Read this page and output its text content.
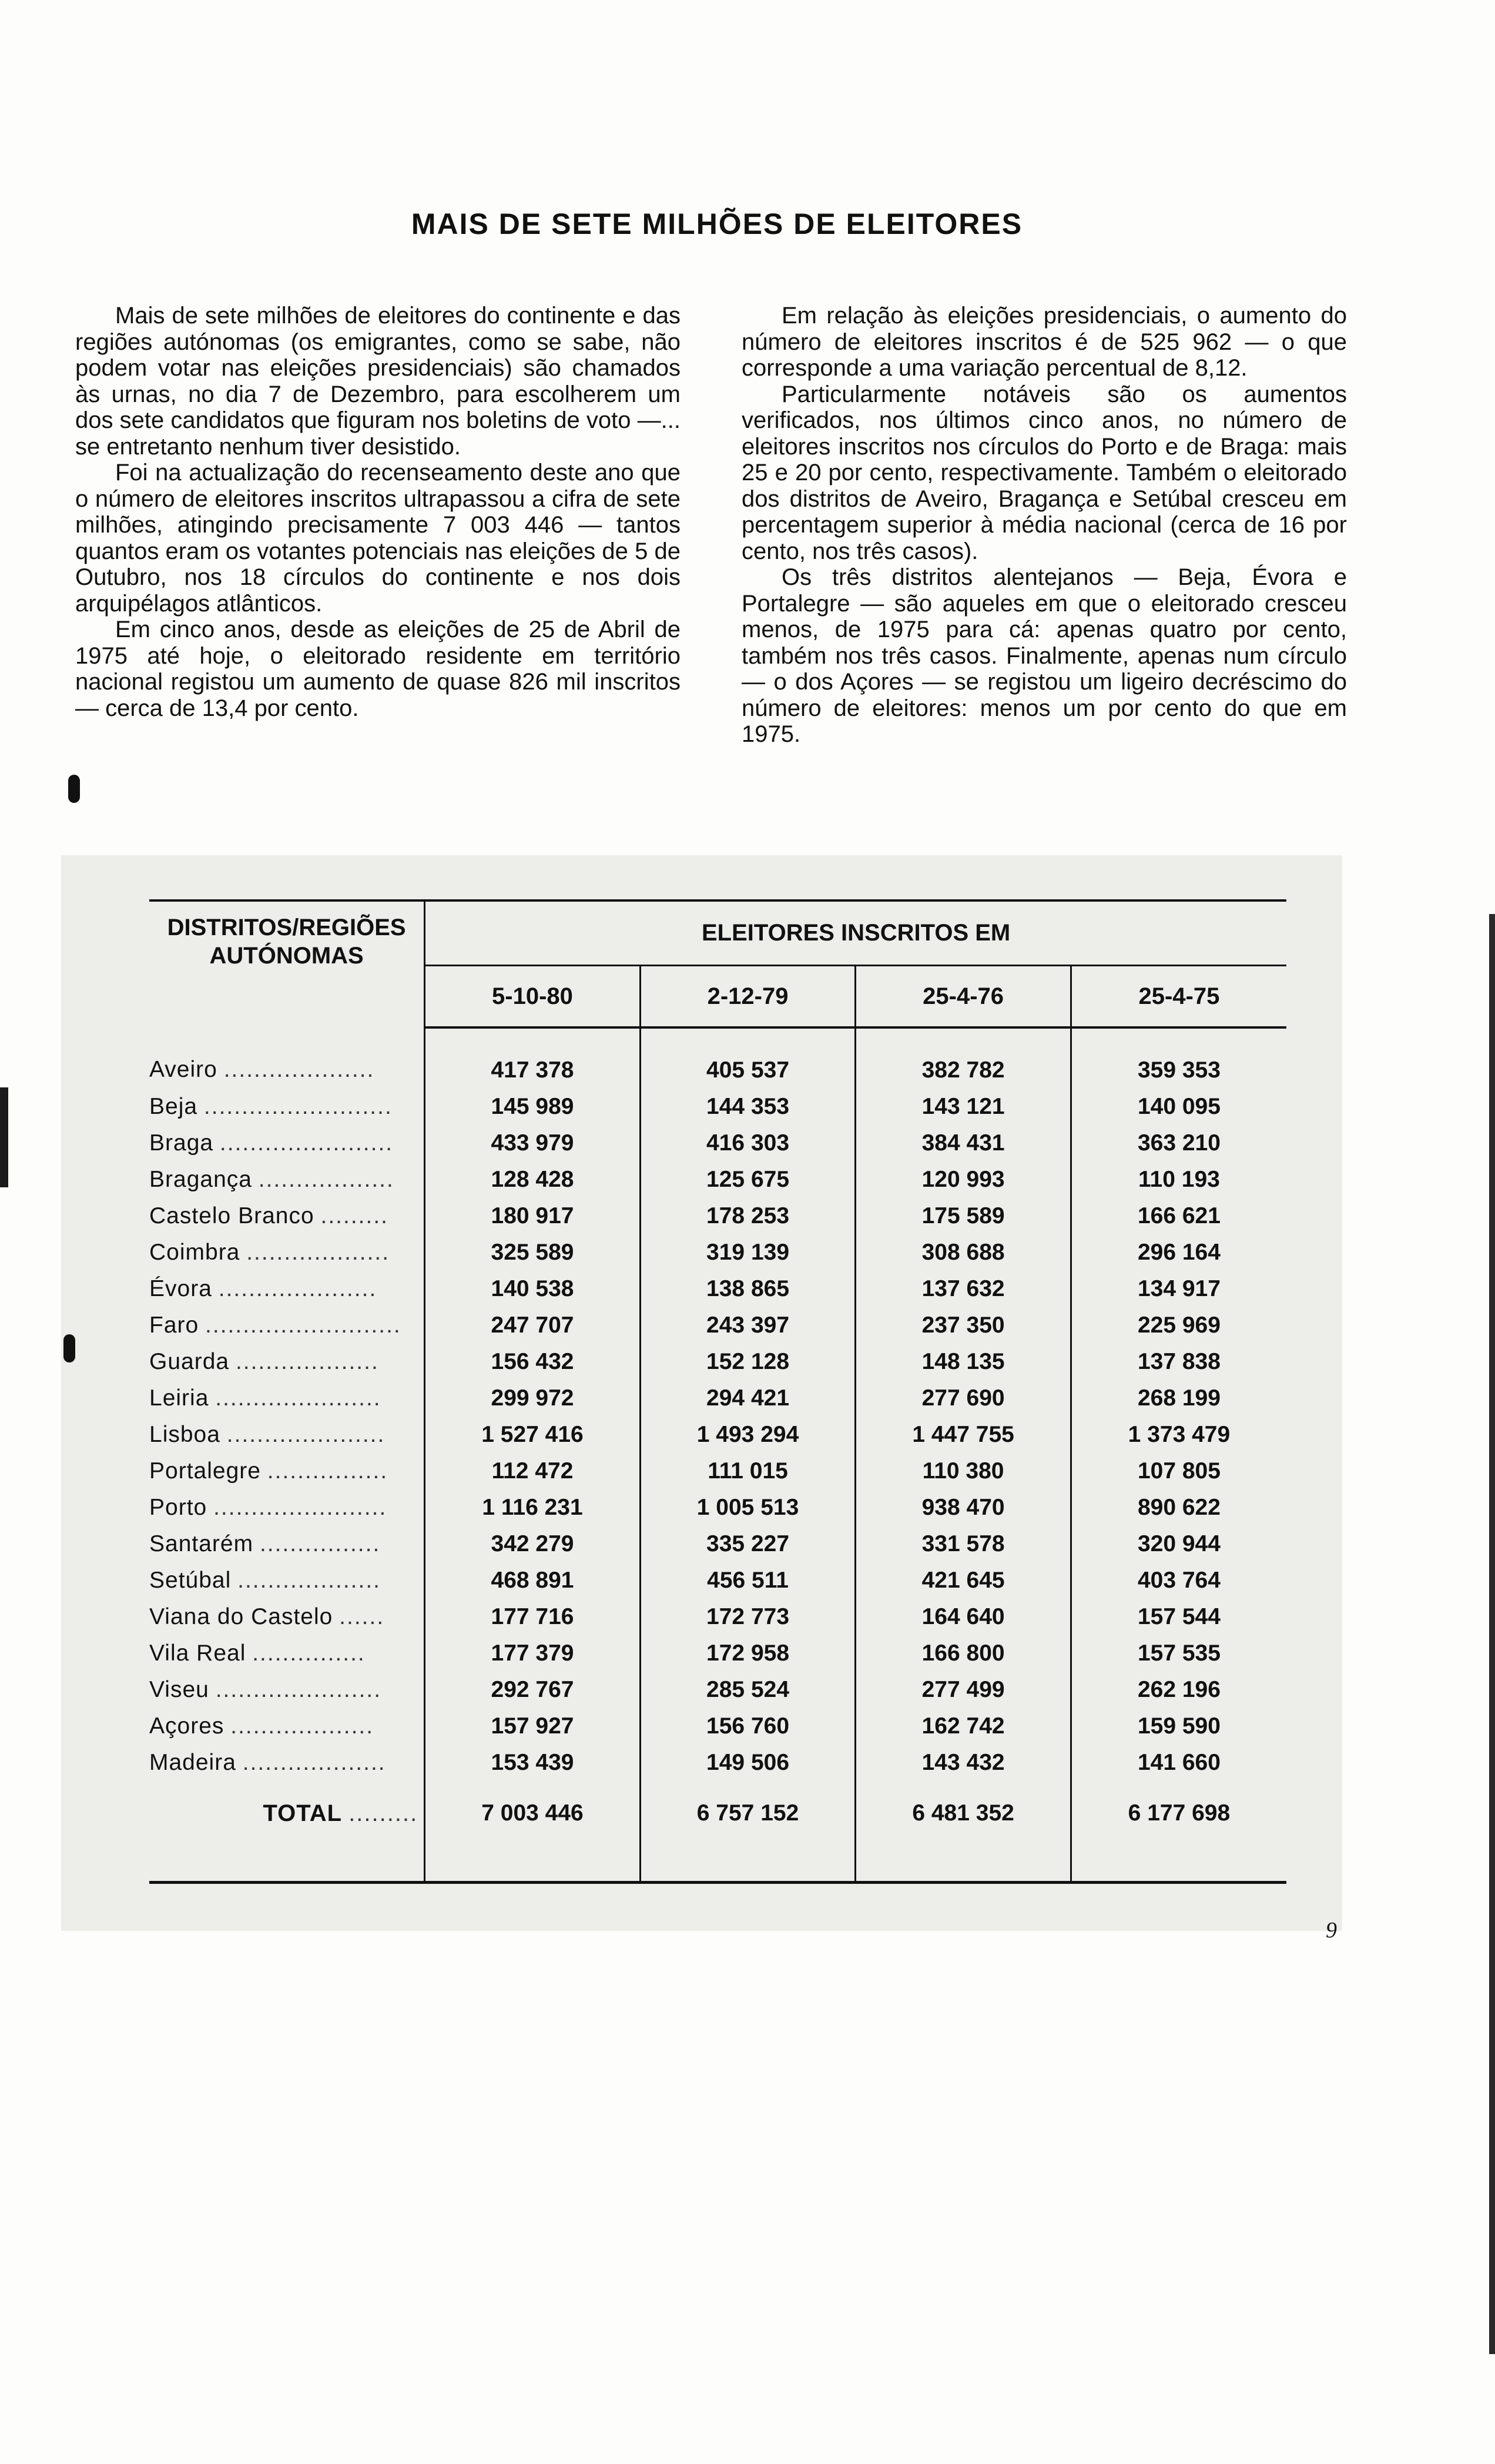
MAIS DE SETE MILHÕES DE ELEITORES

Mais de sete milhões de eleitores do continente e das regiões autónomas (os emigrantes, como se sabe, não podem votar nas eleições presidenciais) são chamados às urnas, no dia 7 de Dezembro, para escolherem um dos sete candidatos que figuram nos boletins de voto —... se entretanto nenhum tiver desistido.

Foi na actualização do recenseamento deste ano que o número de eleitores inscritos ultrapassou a cifra de sete milhões, atingindo precisamente 7 003 446 — tantos quantos eram os votantes potenciais nas eleições de 5 de Outubro, nos 18 círculos do continente e nos dois arquipélagos atlânticos.

Em cinco anos, desde as eleições de 25 de Abril de 1975 até hoje, o eleitorado residente em território nacional registou um aumento de quase 826 mil inscritos — cerca de 13,4 por cento.

Em relação às eleições presidenciais, o aumento do número de eleitores inscritos é de 525 962 — o que corresponde a uma variação percentual de 8,12.

Particularmente notáveis são os aumentos verificados, nos últimos cinco anos, no número de eleitores inscritos nos círculos do Porto e de Braga: mais 25 e 20 por cento, respectivamente. Também o eleitorado dos distritos de Aveiro, Bragança e Setúbal cresceu em percentagem superior à média nacional (cerca de 16 por cento, nos três casos).

Os três distritos alentejanos — Beja, Évora e Portalegre — são aqueles em que o eleitorado cresceu menos, de 1975 para cá: apenas quatro por cento, também nos três casos. Finalmente, apenas num círculo — o dos Açores — se registou um ligeiro decréscimo do número de eleitores: menos um por cento do que em 1975.

DISTRITOS/REGIÕES AUTÓNOMAS	ELEITORES INSCRITOS EM			
	5-10-80	2-12-79	25-4-76	25-4-75
Aveiro ....................	417 378	405 537	382 782	359 353
Beja .........................	145 989	144 353	143 121	140 095
Braga .......................	433 979	416 303	384 431	363 210
Bragança ..................	128 428	125 675	120 993	110 193
Castelo Branco .........	180 917	178 253	175 589	166 621
Coimbra ...................	325 589	319 139	308 688	296 164
Évora .....................	140 538	138 865	137 632	134 917
Faro ..........................	247 707	243 397	237 350	225 969
Guarda ...................	156 432	152 128	148 135	137 838
Leiria ......................	299 972	294 421	277 690	268 199
Lisboa .....................	1 527 416	1 493 294	1 447 755	1 373 479
Portalegre ................	112 472	111 015	110 380	107 805
Porto .......................	1 116 231	1 005 513	938 470	890 622
Santarém ................	342 279	335 227	331 578	320 944
Setúbal ...................	468 891	456 511	421 645	403 764
Viana do Castelo ......	177 716	172 773	164 640	157 544
Vila Real ...............	177 379	172 958	166 800	157 535
Viseu ......................	292 767	285 524	277 499	262 196
Açores ...................	157 927	156 760	162 742	159 590
Madeira ...................	153 439	149 506	143 432	141 660
TOTAL .........	7 003 446	6 757 152	6 481 352	6 177 698

9
